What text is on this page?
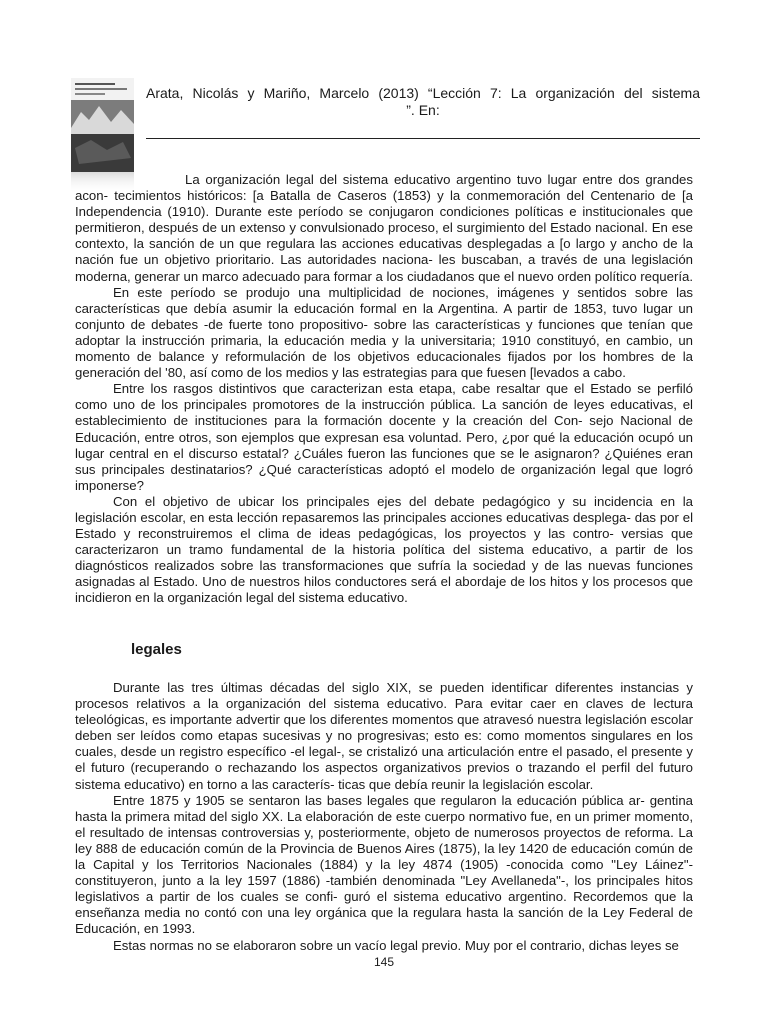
Arata, Nicolás y Mariño, Marcelo (2013) “Lección 7: La organización del sistema
”. En:

La organización legal del sistema educativo argentino tuvo lugar entre dos grandes acon- tecimientos históricos: [a Batalla de Caseros (1853) y la conmemoración del Centenario de [a Independencia (1910). Durante este período se conjugaron condiciones políticas e institucionales que permitieron, después de un extenso y convulsionado proceso, el surgimiento del Estado nacional. En ese contexto, la sanción de un que regulara las acciones educativas desplegadas a [o largo y ancho de la nación fue un objetivo prioritario. Las autoridades naciona- les buscaban, a través de una legislación moderna, generar un marco adecuado para formar a los ciudadanos que el nuevo orden político requería.

En este período se produjo una multiplicidad de nociones, imágenes y sentidos sobre las características que debía asumir la educación formal en la Argentina. A partir de 1853, tuvo lugar un conjunto de debates -de fuerte tono propositivo- sobre las características y funciones que tenían que adoptar la instrucción primaria, la educación media y la universitaria; 1910 constituyó, en cambio, un momento de balance y reformulación de los objetivos educacionales fijados por los hombres de la generación del '80, así como de los medios y las estrategias para que fuesen [levados a cabo.

Entre los rasgos distintivos que caracterizan esta etapa, cabe resaltar que el Estado se perfiló como uno de los principales promotores de la instrucción pública. La sanción de leyes educativas, el establecimiento de instituciones para la formación docente y la creación del Con- sejo Nacional de Educación, entre otros, son ejemplos que expresan esa voluntad. Pero, ¿por qué la educación ocupó un lugar central en el discurso estatal? ¿Cuáles fueron las funciones que se le asignaron? ¿Quiénes eran sus principales destinatarios? ¿Qué características adoptó el modelo de organización legal que logró imponerse?

Con el objetivo de ubicar los principales ejes del debate pedagógico y su incidencia en la legislación escolar, en esta lección repasaremos las principales acciones educativas desplega- das por el Estado y reconstruiremos el clima de ideas pedagógicas, los proyectos y las contro- versias que caracterizaron un tramo fundamental de la historia política del sistema educativo, a partir de los diagnósticos realizados sobre las transformaciones que sufría la sociedad y de las nuevas funciones asignadas al Estado. Uno de nuestros hilos conductores será el abordaje de los hitos y los procesos que incidieron en la organización legal del sistema educativo.

legales

Durante las tres últimas décadas del siglo XIX, se pueden identificar diferentes instancias y procesos relativos a la organización del sistema educativo. Para evitar caer en claves de lectura teleológicas, es importante advertir que los diferentes momentos que atravesó nuestra legislación escolar deben ser leídos como etapas sucesivas y no progresivas; esto es: como momentos singulares en los cuales, desde un registro específico -el legal-, se cristalizó una articulación entre el pasado, el presente y el futuro (recuperando o rechazando los aspectos organizativos previos o trazando el perfil del futuro sistema educativo) en torno a las caracterís- ticas que debía reunir la legislación escolar.

Entre 1875 y 1905 se sentaron las bases legales que regularon la educación pública ar- gentina hasta la primera mitad del siglo XX. La elaboración de este cuerpo normativo fue, en un primer momento, el resultado de intensas controversias y, posteriormente, objeto de numerosos proyectos de reforma. La ley 888 de educación común de la Provincia de Buenos Aires (1875), la ley 1420 de educación común de la Capital y los Territorios Nacionales (1884) y la ley 4874 (1905) -conocida como "Ley Láinez"- constituyeron, junto a la ley 1597 (1886) -también denominada "Ley Avellaneda"-, los principales hitos legislativos a partir de los cuales se confi- guró el sistema educativo argentino. Recordemos que la enseñanza media no contó con una ley orgánica que la regulara hasta la sanción de la Ley Federal de Educación, en 1993.

Estas normas no se elaboraron sobre un vacío legal previo. Muy por el contrario, dichas leyes se

145
